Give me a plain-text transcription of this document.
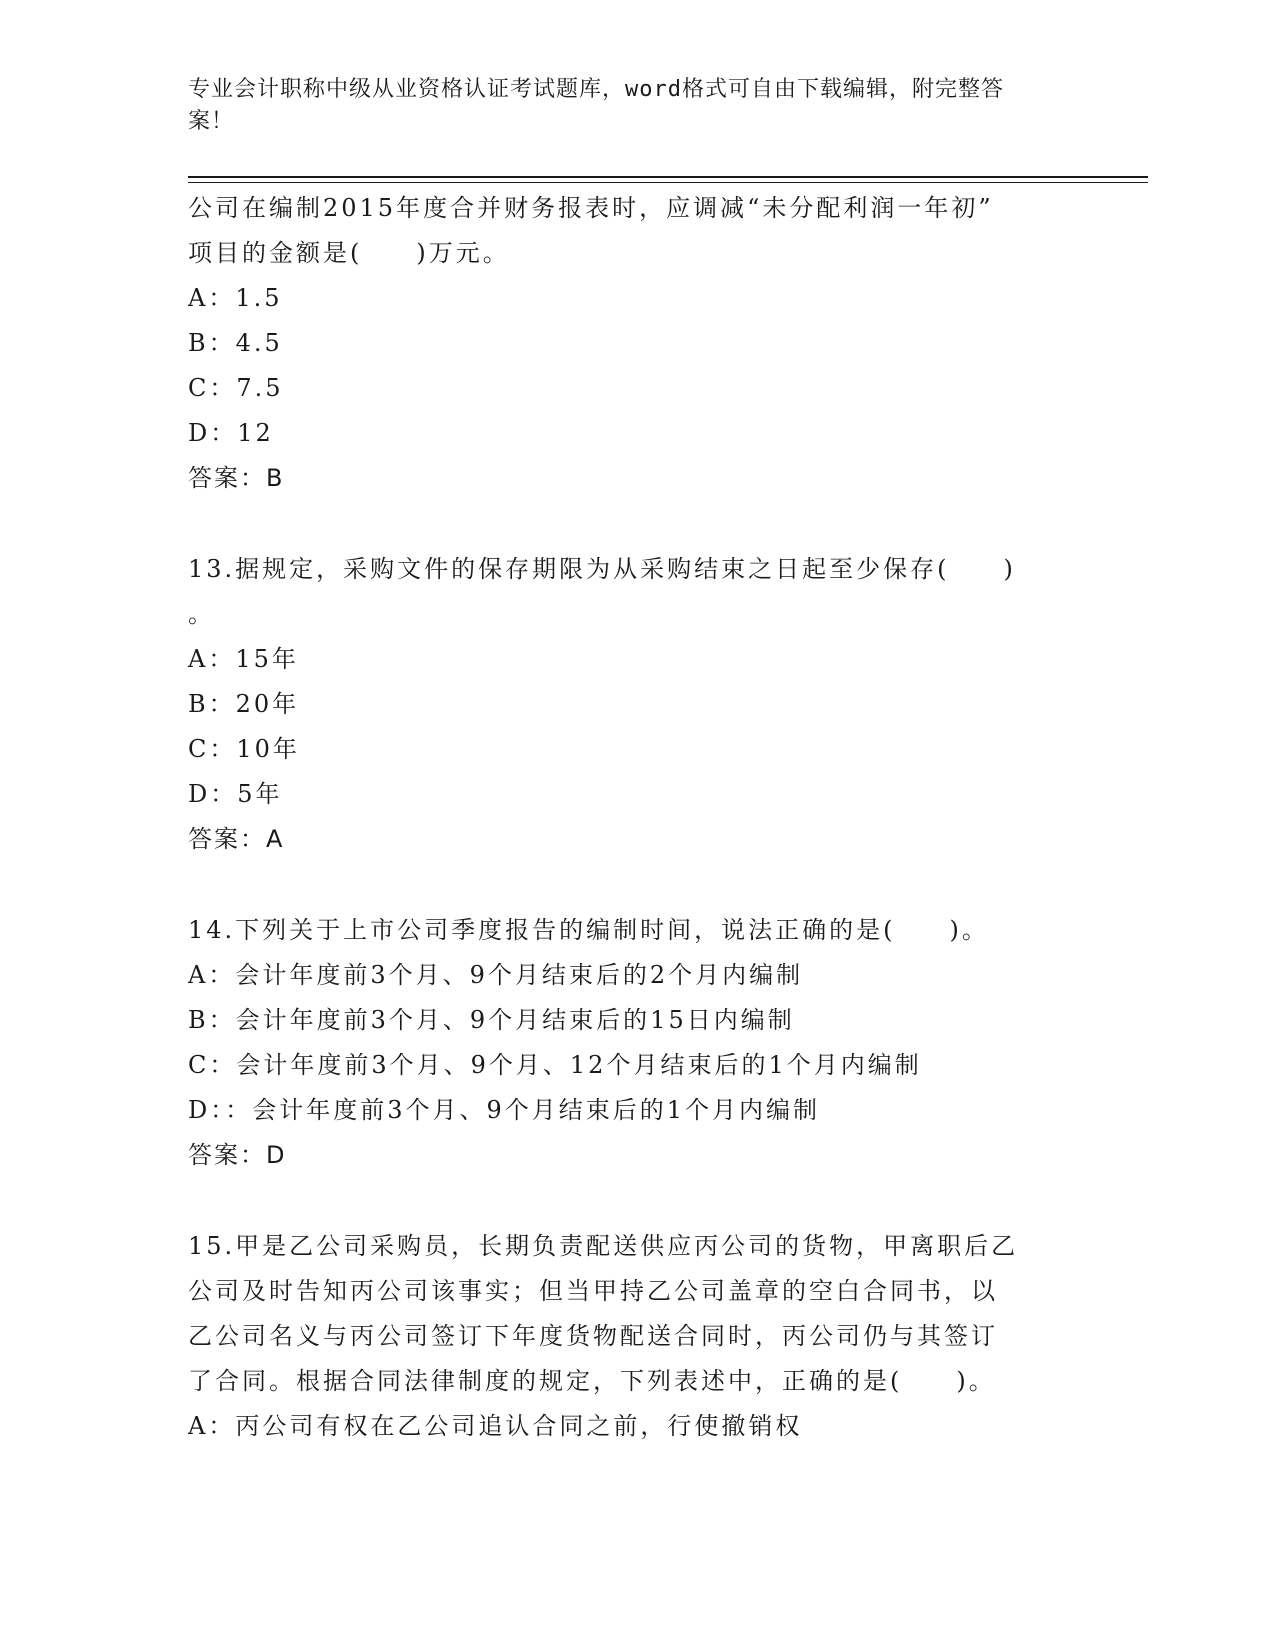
专业会计职称中级从业资格认证考试题库，word格式可自由下载编辑，附完整答
案！
公司在编制2015年度合并财务报表时，应调减“未分配利润一年初”
项目的金额是(　　)万元。
A：1.5
B：4.5
C：7.5
D：12
答案：B
13.据规定，采购文件的保存期限为从采购结束之日起至少保存(　　)
。
A：15年
B：20年
C：10年
D：5年
答案：A
14.下列关于上市公司季度报告的编制时间，说法正确的是(　　)。
A：会计年度前3个月、9个月结束后的2个月内编制
B：会计年度前3个月、9个月结束后的15日内编制
C：会计年度前3个月、9个月、12个月结束后的1个月内编制
D：：会计年度前3个月、9个月结束后的1个月内编制
答案：D
15.甲是乙公司采购员，长期负责配送供应丙公司的货物，甲离职后乙
公司及时告知丙公司该事实；但当甲持乙公司盖章的空白合同书，以
乙公司名义与丙公司签订下年度货物配送合同时，丙公司仍与其签订
了合同。根据合同法律制度的规定，下列表述中，正确的是(　　)。
A：丙公司有权在乙公司追认合同之前，行使撤销权
